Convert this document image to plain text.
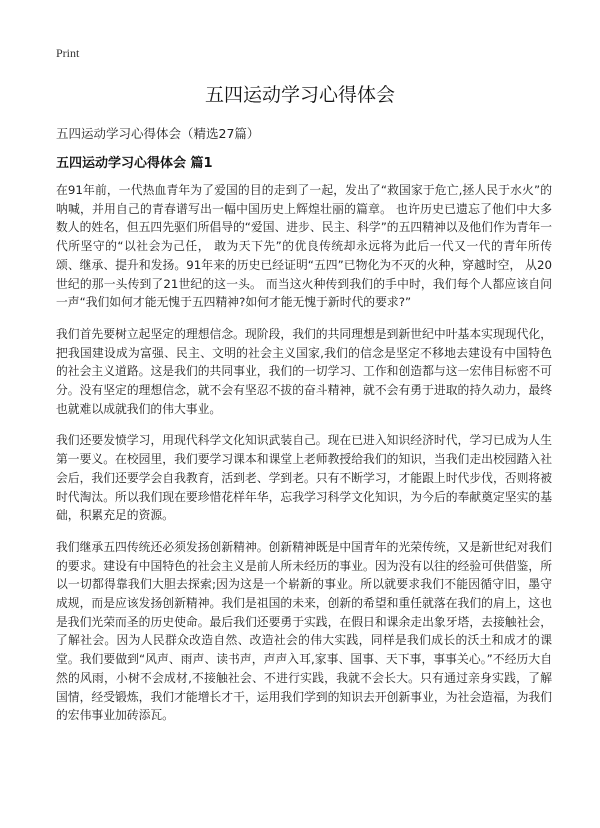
Print
五四运动学习心得体会
五四运动学习心得体会（精选27篇）
五四运动学习心得体会 篇1

在91年前，一代热血青年为了爱国的目的走到了一起，发出了“救国家于危亡,拯人民于水火”的呐喊，并用自己的青春谱写出一幅中国历史上辉煌壮丽的篇章。 也许历史已遗忘了他们中大多数人的姓名，但五四先驱们所倡导的“爱国、进步、民主、科学”的五四精神以及他们作为青年一代所坚守的“以社会为己任， 敢为天下先”的优良传统却永远将为此后一代又一代的青年所传颂、继承、提升和发扬。91年来的历史已经证明“五四”已物化为不灭的火种，穿越时空， 从20世纪的那一头传到了21世纪的这一头。 而当这火种传到我们的手中时，我们每个人都应该自问一声“我们如何才能无愧于五四精神?如何才能无愧于新时代的要求?”

我们首先要树立起坚定的理想信念。现阶段，我们的共同理想是到新世纪中叶基本实现现代化，把我国建设成为富强、民主、文明的社会主义国家,我们的信念是坚定不移地去建设有中国特色的社会主义道路。这是我们的共同事业，我们的一切学习、工作和创造都与这一宏伟目标密不可分。没有坚定的理想信念，就不会有坚忍不拔的奋斗精神，就不会有勇于进取的持久动力，最终也就难以成就我们的伟大事业。

我们还要发愤学习，用现代科学文化知识武装自己。现在已进入知识经济时代，学习已成为人生第一要义。在校园里，我们要学习课本和课堂上老师教授给我们的知识，当我们走出校园踏入社会后，我们还要学会自我教育，活到老、学到老。只有不断学习，才能跟上时代步伐，否则将被时代淘汰。所以我们现在要珍惜花样年华，忘我学习科学文化知识，为今后的奉献奠定坚实的基础，积累充足的资源。

我们继承五四传统还必须发扬创新精神。创新精神既是中国青年的光荣传统，又是新世纪对我们的要求。建设有中国特色的社会主义是前人所未经历的事业。因为没有以往的经验可供借鉴，所以一切都得靠我们大胆去探索;因为这是一个崭新的事业。所以就要求我们不能因循守旧，墨守成规，而是应该发扬创新精神。我们是祖国的未来，创新的希望和重任就落在我们的肩上，这也是我们光荣而圣的历史使命。最后我们还要勇于实践，在假日和课余走出象牙塔，去接触社会，了解社会。因为人民群众改造自然、改造社会的伟大实践，同样是我们成长的沃土和成才的课堂。我们要做到“风声、雨声、读书声，声声入耳,家事、国事、天下事，事事关心。”不经历大自然的风雨，小树不会成材,不接触社会、不进行实践，我就不会长大。只有通过亲身实践，了解国情，经受锻炼，我们才能增长才干，运用我们学到的知识去开创新事业，为社会造福，为我们的宏伟事业加砖添瓦。
